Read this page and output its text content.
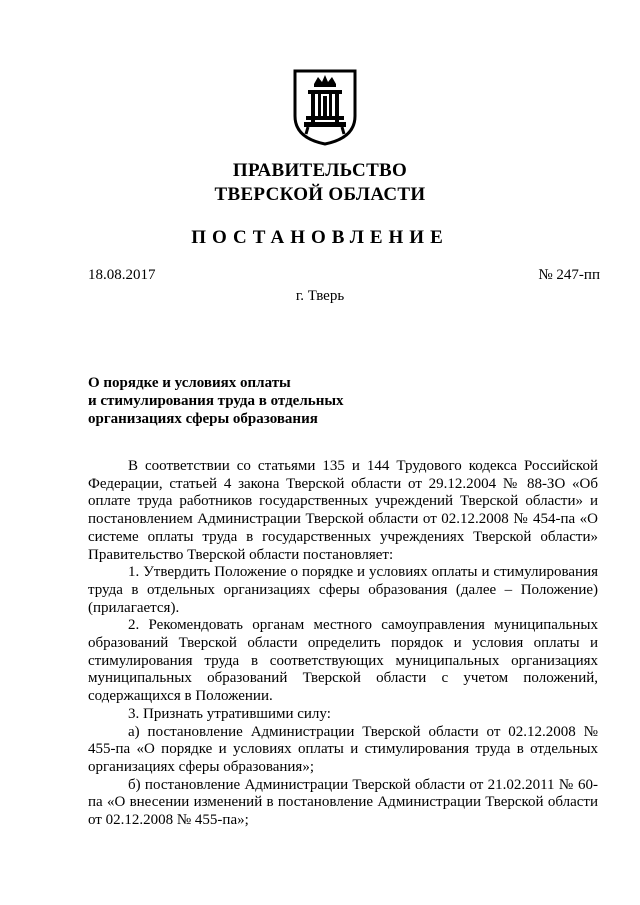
ПРАВИТЕЛЬСТВО
ТВЕРСКОЙ ОБЛАСТИ
ПОСТАНОВЛЕНИЕ
18.08.2017	№ 247-пп
г. Тверь
О порядке и условиях оплаты
и стимулирования труда в отдельных
организациях сферы образования

В соответствии со статьями 135 и 144 Трудового кодекса Российской Федерации, статьей 4 закона Тверской области от 29.12.2004 № 88-ЗО «Об оплате труда работников государственных учреждений Тверской области» и постановлением Администрации Тверской области от 02.12.2008 № 454-па «О системе оплаты труда в государственных учреждениях Тверской области» Правительство Тверской области постановляет:

1. Утвердить Положение о порядке и условиях оплаты и стимулирования труда в отдельных организациях сферы образования (далее – Положение) (прилагается).

2. Рекомендовать органам местного самоуправления муниципальных образований Тверской области определить порядок и условия оплаты и стимулирования труда в соответствующих муниципальных организациях муниципальных образований Тверской области с учетом положений, содержащихся в Положении.

3. Признать утратившими силу:

а) постановление Администрации Тверской области от 02.12.2008 № 455-па «О порядке и условиях оплаты и стимулирования труда в отдельных организациях сферы образования»;

б) постановление Администрации Тверской области от 21.02.2011 № 60-па «О внесении изменений в постановление Администрации Тверской области от 02.12.2008 № 455-па»;
